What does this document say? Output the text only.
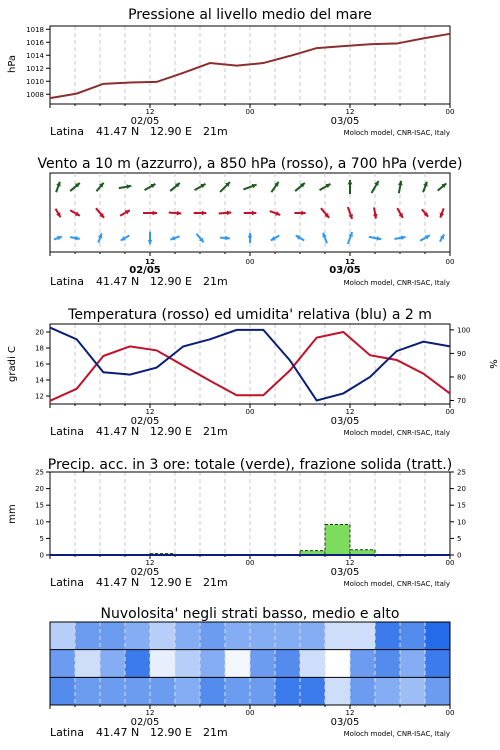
Pressione al livello medio del mare
hPa
12	00	12	00
02/05	03/05
Latina 41.47 N 12.90 E 21m	Moloch model, CNR-ISAC, Italy
1008
1010
1012
1014
1016
1018
Vento a 10 m (azzurro), a 850 hPa (rosso), a 700 hPa (verde)
12	00	12	00
02/05	03/05
Latina 41.47 N 12.90 E 21m	Moloch model, CNR-ISAC, Italy
Temperatura (rosso) ed umidita' relativa (blu) a 2 m
gradi C	%
12	00	12	00
02/05	03/05
Latina 41.47 N 12.90 E 21m	Moloch model, CNR-ISAC, Italy
12
14
16
18
20
70
80
90
100
Precip. acc. in 3 ore: totale (verde), frazione solida (tratt.)
mm
12	00	12	00
02/05	03/05
Latina 41.47 N 12.90 E 21m	Moloch model, CNR-ISAC, Italy
0
5
10
15
20
25
0
5
10
15
20
25
Nuvolosita' negli strati basso, medio e alto
12	00	12	00
02/05	03/05
Latina 41.47 N 12.90 E 21m	Moloch model, CNR-ISAC, Italy
